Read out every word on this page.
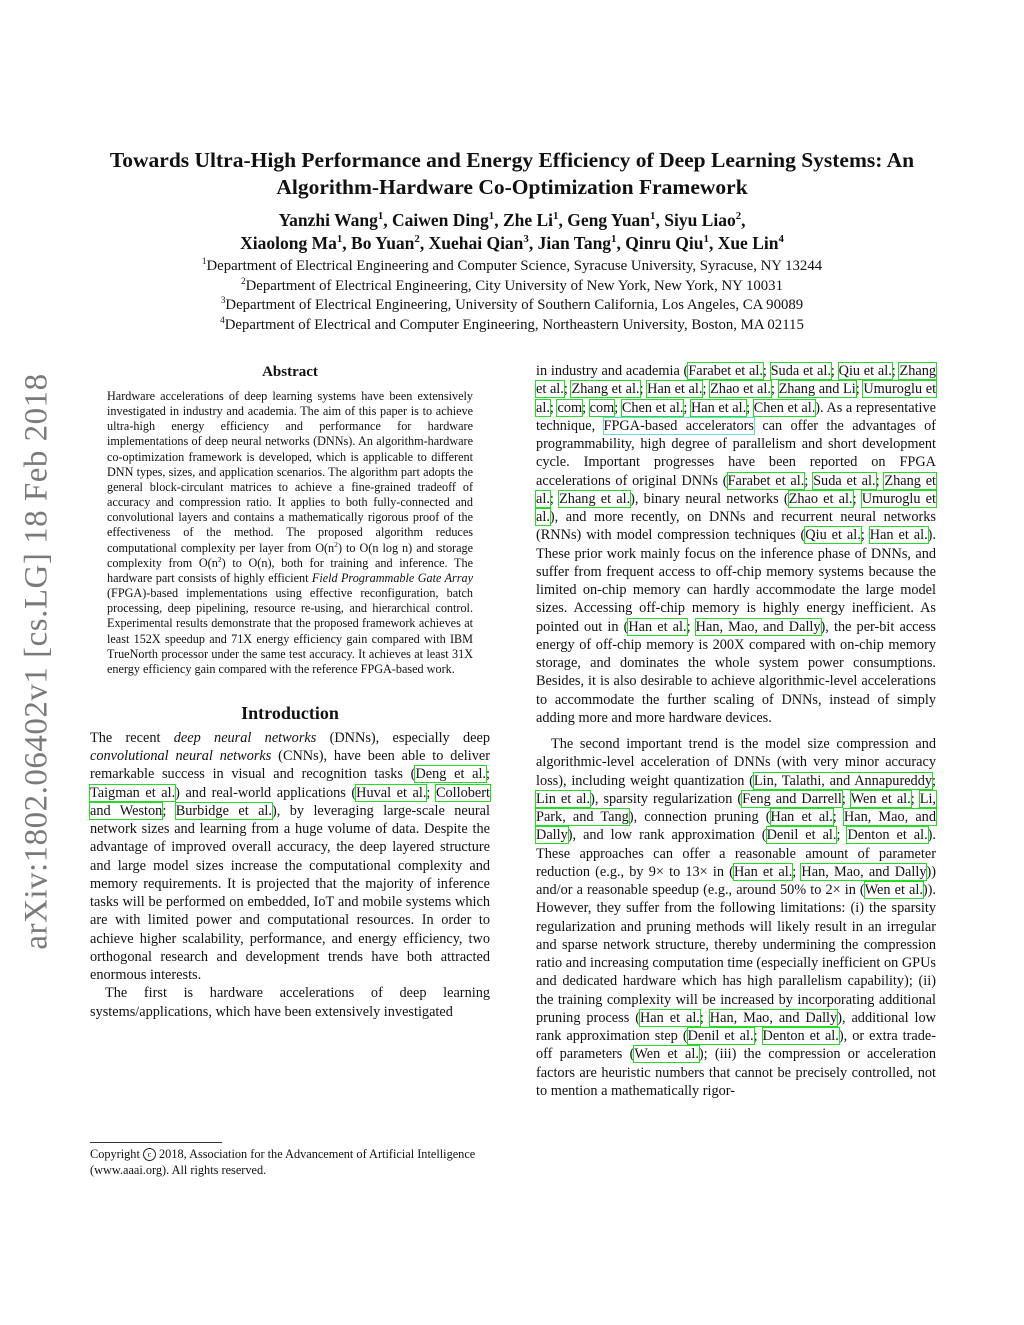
arXiv:1802.06402v1 [cs.LG] 18 Feb 2018
Towards Ultra-High Performance and Energy Efficiency of Deep Learning Systems: An Algorithm-Hardware Co-Optimization Framework
Yanzhi Wang$^1$, Caiwen Ding$^1$, Zhe Li$^1$, Geng Yuan$^1$, Siyu Liao$^2$,
Xiaolong Ma$^1$, Bo Yuan$^2$, Xuehai Qian$^3$, Jian Tang$^1$, Qinru Qiu$^1$, Xue Lin$^4$
$^1$Department of Electrical Engineering and Computer Science, Syracuse University, Syracuse, NY 13244
$^2$Department of Electrical Engineering, City University of New York, New York, NY 10031
$^3$Department of Electrical Engineering, University of Southern California, Los Angeles, CA 90089
$^4$Department of Electrical and Computer Engineering, Northeastern University, Boston, MA 02115
Abstract

Hardware accelerations of deep learning systems have been extensively investigated in industry and academia. The aim of this paper is to achieve ultra-high energy efficiency and performance for hardware implementations of deep neural networks (DNNs). An algorithm-hardware co-optimization framework is developed, which is applicable to different DNN types, sizes, and application scenarios. The algorithm part adopts the general block-circulant matrices to achieve a fine-grained tradeoff of accuracy and compression ratio. It applies to both fully-connected and convolutional layers and contains a mathematically rigorous proof of the effectiveness of the method. The proposed algorithm reduces computational complexity per layer from $O(n^2)$ to O(n log n) and storage complexity from $O(n^2)$ to O(n), both for training and inference. The hardware part consists of highly efficient Field Programmable Gate Array (FPGA)-based implementations using effective reconfiguration, batch processing, deep pipelining, resource re-using, and hierarchical control. Experimental results demonstrate that the proposed framework achieves at least 152X speedup and 71X energy efficiency gain compared with IBM TrueNorth processor under the same test accuracy. It achieves at least 31X energy efficiency gain compared with the reference FPGA-based work.

Introduction

The recent deep neural networks (DNNs), especially deep convolutional neural networks (CNNs), have been able to deliver remarkable success in visual and recognition tasks (Deng et al.; Taigman et al.) and real-world applications (Huval et al.; Collobert and Weston; Burbidge et al.), by leveraging large-scale neural network sizes and learning from a huge volume of data. Despite the advantage of improved overall accuracy, the deep layered structure and large model sizes increase the computational complexity and memory requirements. It is projected that the majority of inference tasks will be performed on embedded, IoT and mobile systems which are with limited power and computational resources. In order to achieve higher scalability, performance, and energy efficiency, two orthogonal research and development trends have both attracted enormous interests.

The first is hardware accelerations of deep learning systems/applications, which have been extensively investigated

Copyright c 2018, Association for the Advancement of Artificial Intelligence (www.aaai.org). All rights reserved.

in industry and academia (Farabet et al.; Suda et al.; Qiu et al.; Zhang et al.; Zhang et al.; Han et al.; Zhao et al.; Zhang and Li; Umuroglu et al.; com; com; Chen et al.; Han et al.; Chen et al.). As a representative technique, FPGA-based accelerators can offer the advantages of programmability, high degree of parallelism and short development cycle. Important progresses have been reported on FPGA accelerations of original DNNs (Farabet et al.; Suda et al.; Zhang et al.; Zhang et al.), binary neural networks (Zhao et al.; Umuroglu et al.), and more recently, on DNNs and recurrent neural networks (RNNs) with model compression techniques (Qiu et al.; Han et al.). These prior work mainly focus on the inference phase of DNNs, and suffer from frequent access to off-chip memory systems because the limited on-chip memory can hardly accommodate the large model sizes. Accessing off-chip memory is highly energy inefficient. As pointed out in (Han et al.; Han, Mao, and Dally), the per-bit access energy of off-chip memory is 200X compared with on-chip memory storage, and dominates the whole system power consumptions. Besides, it is also desirable to achieve algorithmic-level accelerations to accommodate the further scaling of DNNs, instead of simply adding more and more hardware devices.

The second important trend is the model size compression and algorithmic-level acceleration of DNNs (with very minor accuracy loss), including weight quantization (Lin, Talathi, and Annapureddy; Lin et al.), sparsity regularization (Feng and Darrell; Wen et al.; Li, Park, and Tang), connection pruning (Han et al.; Han, Mao, and Dally), and low rank approximation (Denil et al.; Denton et al.). These approaches can offer a reasonable amount of parameter reduction (e.g., by 9× to 13× in (Han et al.; Han, Mao, and Dally)) and/or a reasonable speedup (e.g., around 50% to 2× in (Wen et al.)). However, they suffer from the following limitations: (i) the sparsity regularization and pruning methods will likely result in an irregular and sparse network structure, thereby undermining the compression ratio and increasing computation time (especially inefficient on GPUs and dedicated hardware which has high parallelism capability); (ii) the training complexity will be increased by incorporating additional pruning process (Han et al.; Han, Mao, and Dally), additional low rank approximation step (Denil et al.; Denton et al.), or extra trade-off parameters (Wen et al.); (iii) the compression or acceleration factors are heuristic numbers that cannot be precisely controlled, not to mention a mathematically rigor-
